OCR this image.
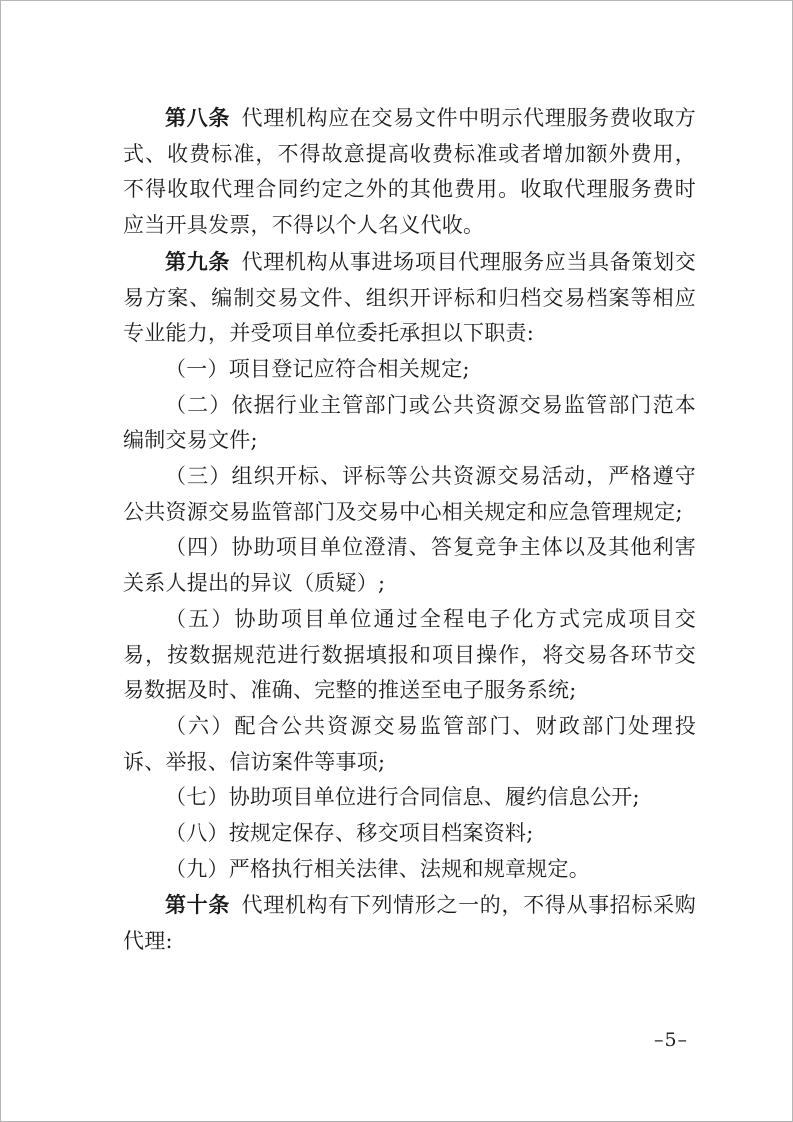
第八条 代理机构应在交易文件中明示代理服务费收取方式、收费标准，不得故意提高收费标准或者增加额外费用，不得收取代理合同约定之外的其他费用。收取代理服务费时应当开具发票，不得以个人名义代收。

第九条 代理机构从事进场项目代理服务应当具备策划交易方案、编制交易文件、组织开评标和归档交易档案等相应专业能力，并受项目单位委托承担以下职责:

（一）项目登记应符合相关规定;

（二）依据行业主管部门或公共资源交易监管部门范本编制交易文件;

（三）组织开标、评标等公共资源交易活动，严格遵守公共资源交易监管部门及交易中心相关规定和应急管理规定;

（四）协助项目单位澄清、答复竞争主体以及其他利害关系人提出的异议（质疑）;

（五）协助项目单位通过全程电子化方式完成项目交易，按数据规范进行数据填报和项目操作，将交易各环节交易数据及时、准确、完整的推送至电子服务系统;

（六）配合公共资源交易监管部门、财政部门处理投诉、举报、信访案件等事项;

（七）协助项目单位进行合同信息、履约信息公开;

（八）按规定保存、移交项目档案资料;

（九）严格执行相关法律、法规和规章规定。

第十条 代理机构有下列情形之一的，不得从事招标采购代理:

–5–
